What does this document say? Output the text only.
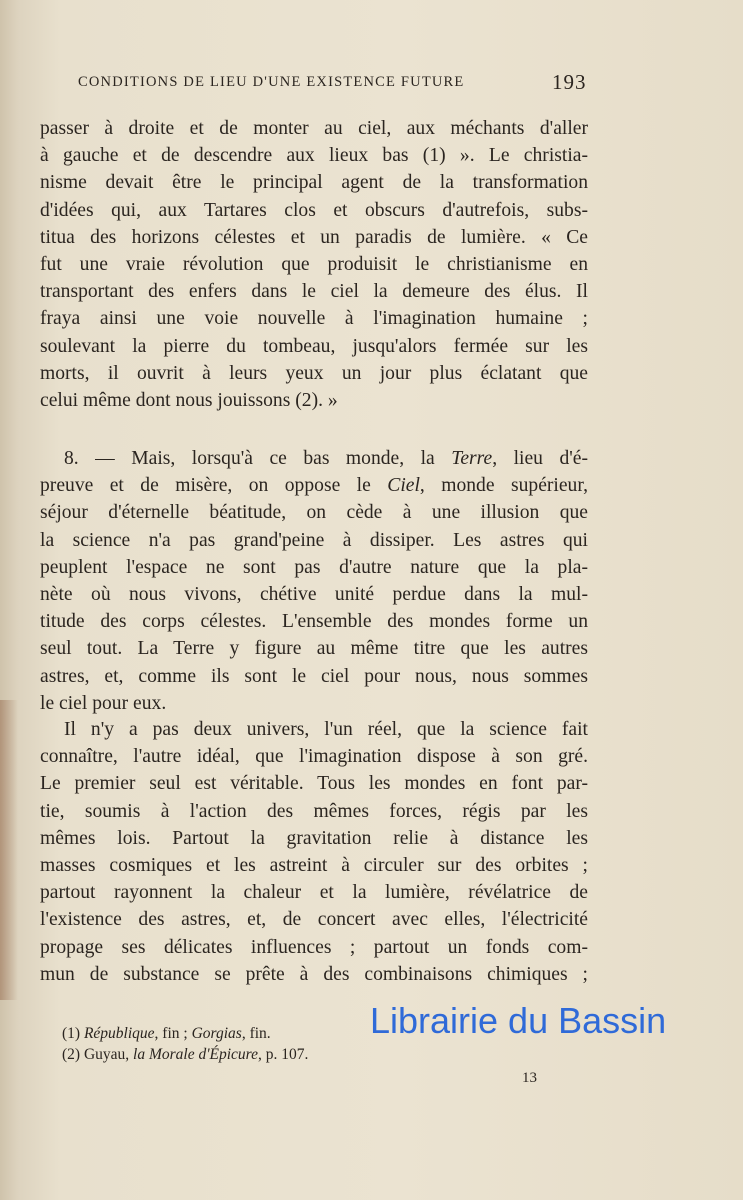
CONDITIONS DE LIEU D'UNE EXISTENCE FUTURE	193
passer à droite et de monter au ciel, aux méchants d'aller
à gauche et de descendre aux lieux bas (1) ». Le christia-
nisme devait être le principal agent de la transformation
d'idées qui, aux Tartares clos et obscurs d'autrefois, subs-
titua des horizons célestes et un paradis de lumière. « Ce
fut une vraie révolution que produisit le christianisme en
transportant des enfers dans le ciel la demeure des élus. Il
fraya ainsi une voie nouvelle à l'imagination humaine ;
soulevant la pierre du tombeau, jusqu'alors fermée sur les
morts, il ouvrit à leurs yeux un jour plus éclatant que
celui même dont nous jouissons (2). »
8. — Mais, lorsqu'à ce bas monde, la Terre, lieu d'é-
preuve et de misère, on oppose le Ciel, monde supérieur,
séjour d'éternelle béatitude, on cède à une illusion que
la science n'a pas grand'peine à dissiper. Les astres qui
peuplent l'espace ne sont pas d'autre nature que la pla-
nète où nous vivons, chétive unité perdue dans la mul-
titude des corps célestes. L'ensemble des mondes forme un
seul tout. La Terre y figure au même titre que les autres
astres, et, comme ils sont le ciel pour nous, nous sommes
le ciel pour eux.
Il n'y a pas deux univers, l'un réel, que la science fait
connaître, l'autre idéal, que l'imagination dispose à son gré.
Le premier seul est véritable. Tous les mondes en font par-
tie, soumis à l'action des mêmes forces, régis par les
mêmes lois. Partout la gravitation relie à distance les
masses cosmiques et les astreint à circuler sur des orbites ;
partout rayonnent la chaleur et la lumière, révélatrice de
l'existence des astres, et, de concert avec elles, l'électricité
propage ses délicates influences ; partout un fonds com-
mun de substance se prête à des combinaisons chimiques ;
(1) République, fin ; Gorgias, fin.
(2) Guyau, la Morale d'Épicure, p. 107.
13
Librairie du Bassin
